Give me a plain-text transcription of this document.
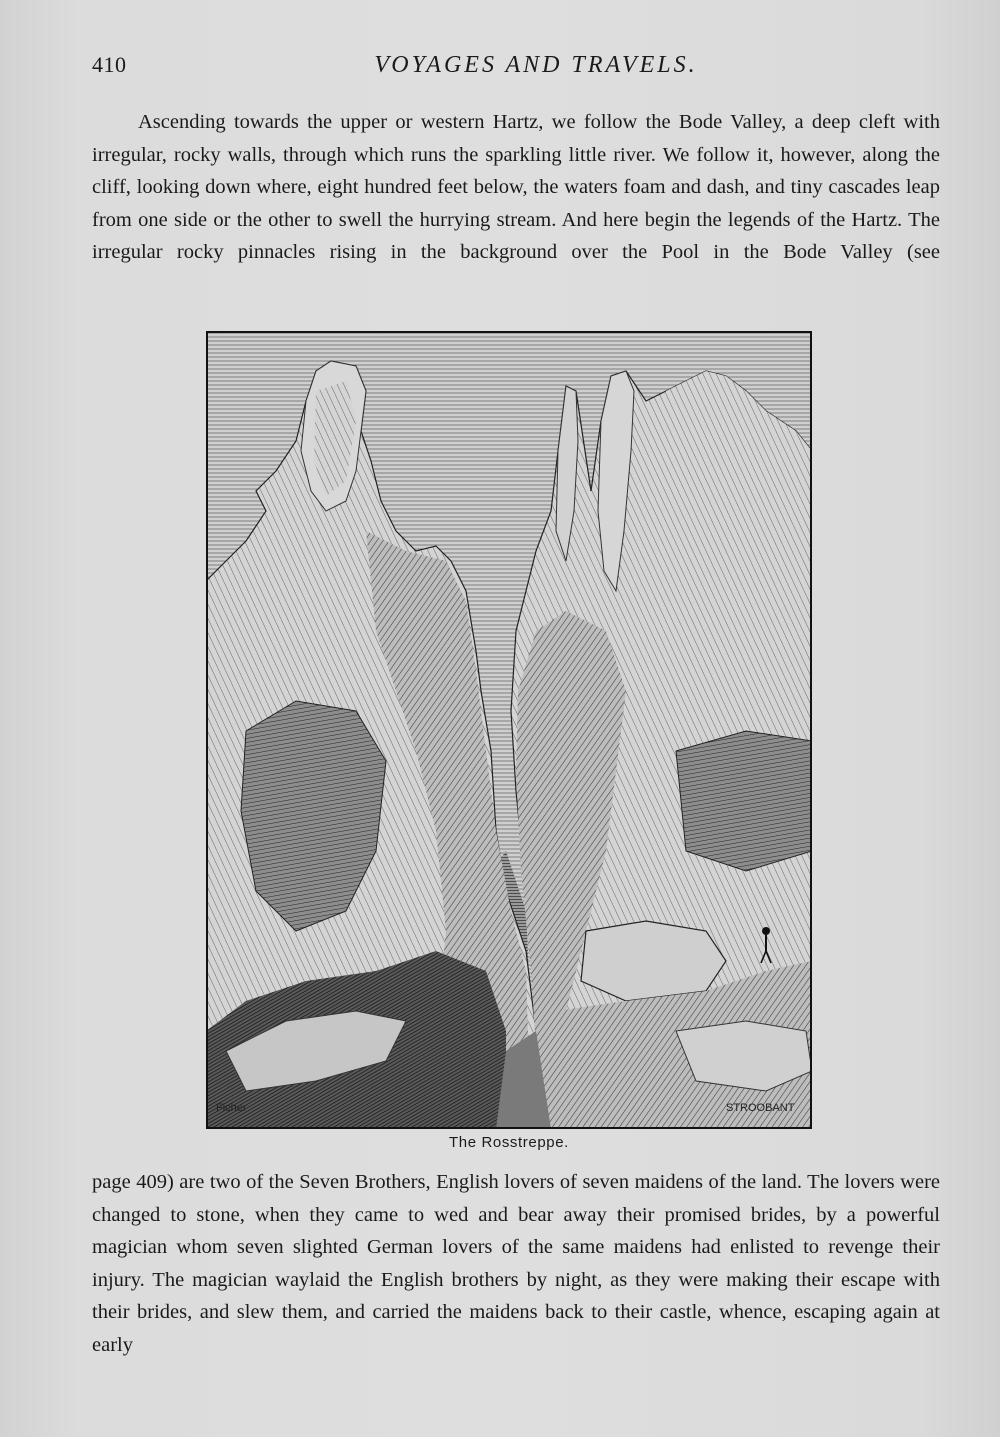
410	VOYAGES AND TRAVELS.

Ascending towards the upper or western Hartz, we follow the Bode Valley, a deep cleft with irregular, rocky walls, through which runs the sparkling little river. We follow it, however, along the cliff, looking down where, eight hundred feet below, the waters foam and dash, and tiny cascades leap from one side or the other to swell the hurrying stream. And here begin the legends of the Hartz. The irregular rocky pinnacles rising in the background over the Pool in the Bode Valley (see

Ficher	STROOBANT
The Rosstreppe.

page 409) are two of the Seven Brothers, English lovers of seven maidens of the land. The lovers were changed to stone, when they came to wed and bear away their promised brides, by a powerful magician whom seven slighted German lovers of the same maidens had enlisted to revenge their injury. The magician waylaid the English brothers by night, as they were making their escape with their brides, and slew them, and carried the maidens back to their castle, whence, escaping again at early
